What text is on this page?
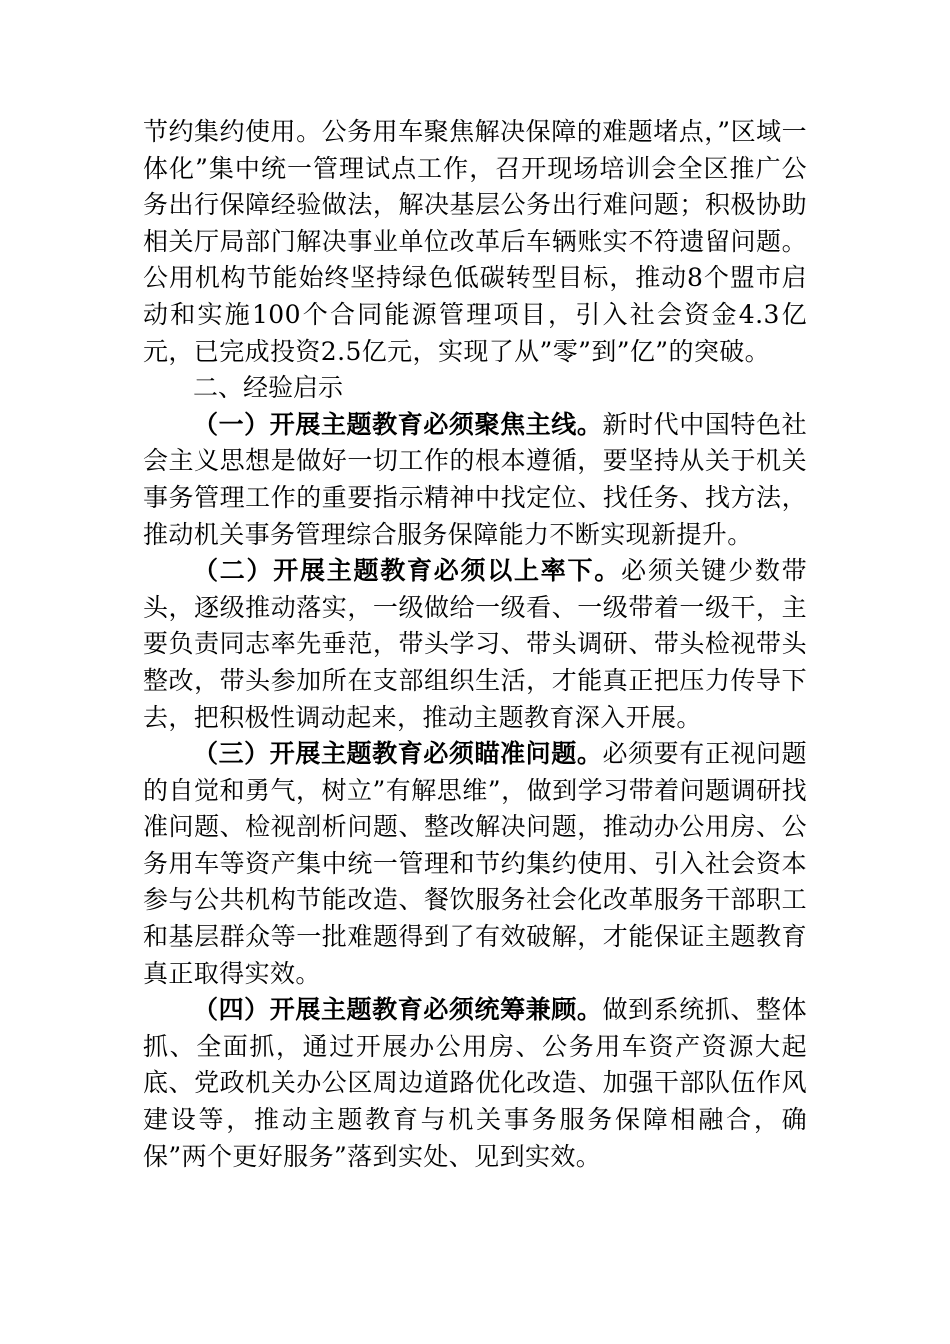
节约集约使用。公务用车聚焦解决保障的难题堵点，”区域一体化”集中统一管理试点工作，召开现场培训会全区推广公务出行保障经验做法，解决基层公务出行难问题；积极协助相关厅局部门解决事业单位改革后车辆账实不符遗留问题。公用机构节能始终坚持绿色低碳转型目标，推动8个盟市启动和实施100个合同能源管理项目，引入社会资金4.3亿元，已完成投资2.5亿元，实现了从”零”到”亿”的突破。

二、经验启示

（一）开展主题教育必须聚焦主线。新时代中国特色社会主义思想是做好一切工作的根本遵循，要坚持从关于机关事务管理工作的重要指示精神中找定位、找任务、找方法，推动机关事务管理综合服务保障能力不断实现新提升。

（二）开展主题教育必须以上率下。必须关键少数带头，逐级推动落实，一级做给一级看、一级带着一级干，主要负责同志率先垂范，带头学习、带头调研、带头检视带头整改，带头参加所在支部组织生活，才能真正把压力传导下去，把积极性调动起来，推动主题教育深入开展。

（三）开展主题教育必须瞄准问题。必须要有正视问题的自觉和勇气，树立”有解思维”，做到学习带着问题调研找准问题、检视剖析问题、整改解决问题，推动办公用房、公务用车等资产集中统一管理和节约集约使用、引入社会资本参与公共机构节能改造、餐饮服务社会化改革服务干部职工和基层群众等一批难题得到了有效破解，才能保证主题教育真正取得实效。

（四）开展主题教育必须统筹兼顾。做到系统抓、整体抓、全面抓，通过开展办公用房、公务用车资产资源大起底、党政机关办公区周边道路优化改造、加强干部队伍作风建设等，推动主题教育与机关事务服务保障相融合，确保”两个更好服务”落到实处、见到实效。
